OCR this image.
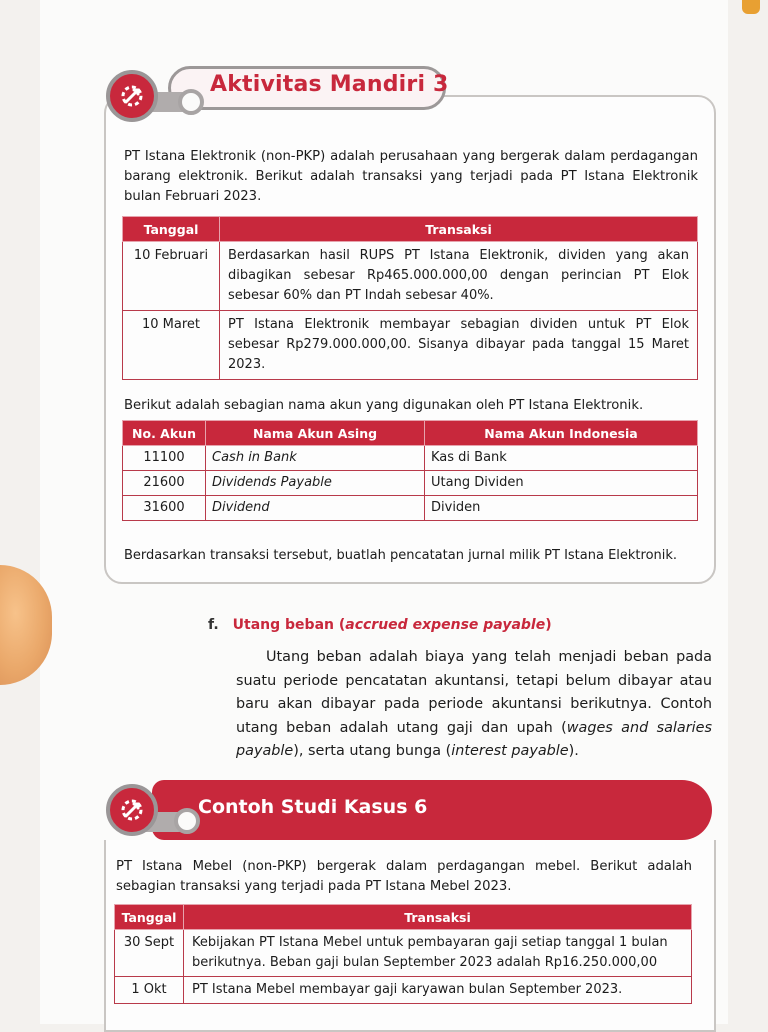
Aktivitas Mandiri 3
PT Istana Elektronik (non-PKP) adalah perusahaan yang bergerak dalam perdagangan barang elektronik. Berikut adalah transaksi yang terjadi pada PT Istana Elektronik bulan Februari 2023.
Tanggal	Transaksi
10 Februari	Berdasarkan hasil RUPS PT Istana Elektronik, dividen yang akan dibagikan sebesar Rp465.000.000,00 dengan perincian PT Elok sebesar 60% dan PT Indah sebesar 40%.
10 Maret	PT Istana Elektronik membayar sebagian dividen untuk PT Elok sebesar Rp279.000.000,00. Sisanya dibayar pada tanggal 15 Maret 2023.
Berikut adalah sebagian nama akun yang digunakan oleh PT Istana Elektronik.
No. Akun	Nama Akun Asing	Nama Akun Indonesia
11100	Cash in Bank	Kas di Bank
21600	Dividends Payable	Utang Dividen
31600	Dividend	Dividen
Berdasarkan transaksi tersebut, buatlah pencatatan jurnal milik PT Istana Elektronik.
f. Utang beban (accrued expense payable)
Utang beban adalah biaya yang telah menjadi beban pada suatu periode pencatatan akuntansi, tetapi belum dibayar atau baru akan dibayar pada periode akuntansi berikutnya. Contoh utang beban adalah utang gaji dan upah (wages and salaries payable), serta utang bunga (interest payable).
Contoh Studi Kasus 6
PT Istana Mebel (non-PKP) bergerak dalam perdagangan mebel. Berikut adalah sebagian transaksi yang terjadi pada PT Istana Mebel 2023.
Tanggal	Transaksi
30 Sept	Kebijakan PT Istana Mebel untuk pembayaran gaji setiap tanggal 1 bulan berikutnya. Beban gaji bulan September 2023 adalah Rp16.250.000,00
1 Okt	PT Istana Mebel membayar gaji karyawan bulan September 2023.
